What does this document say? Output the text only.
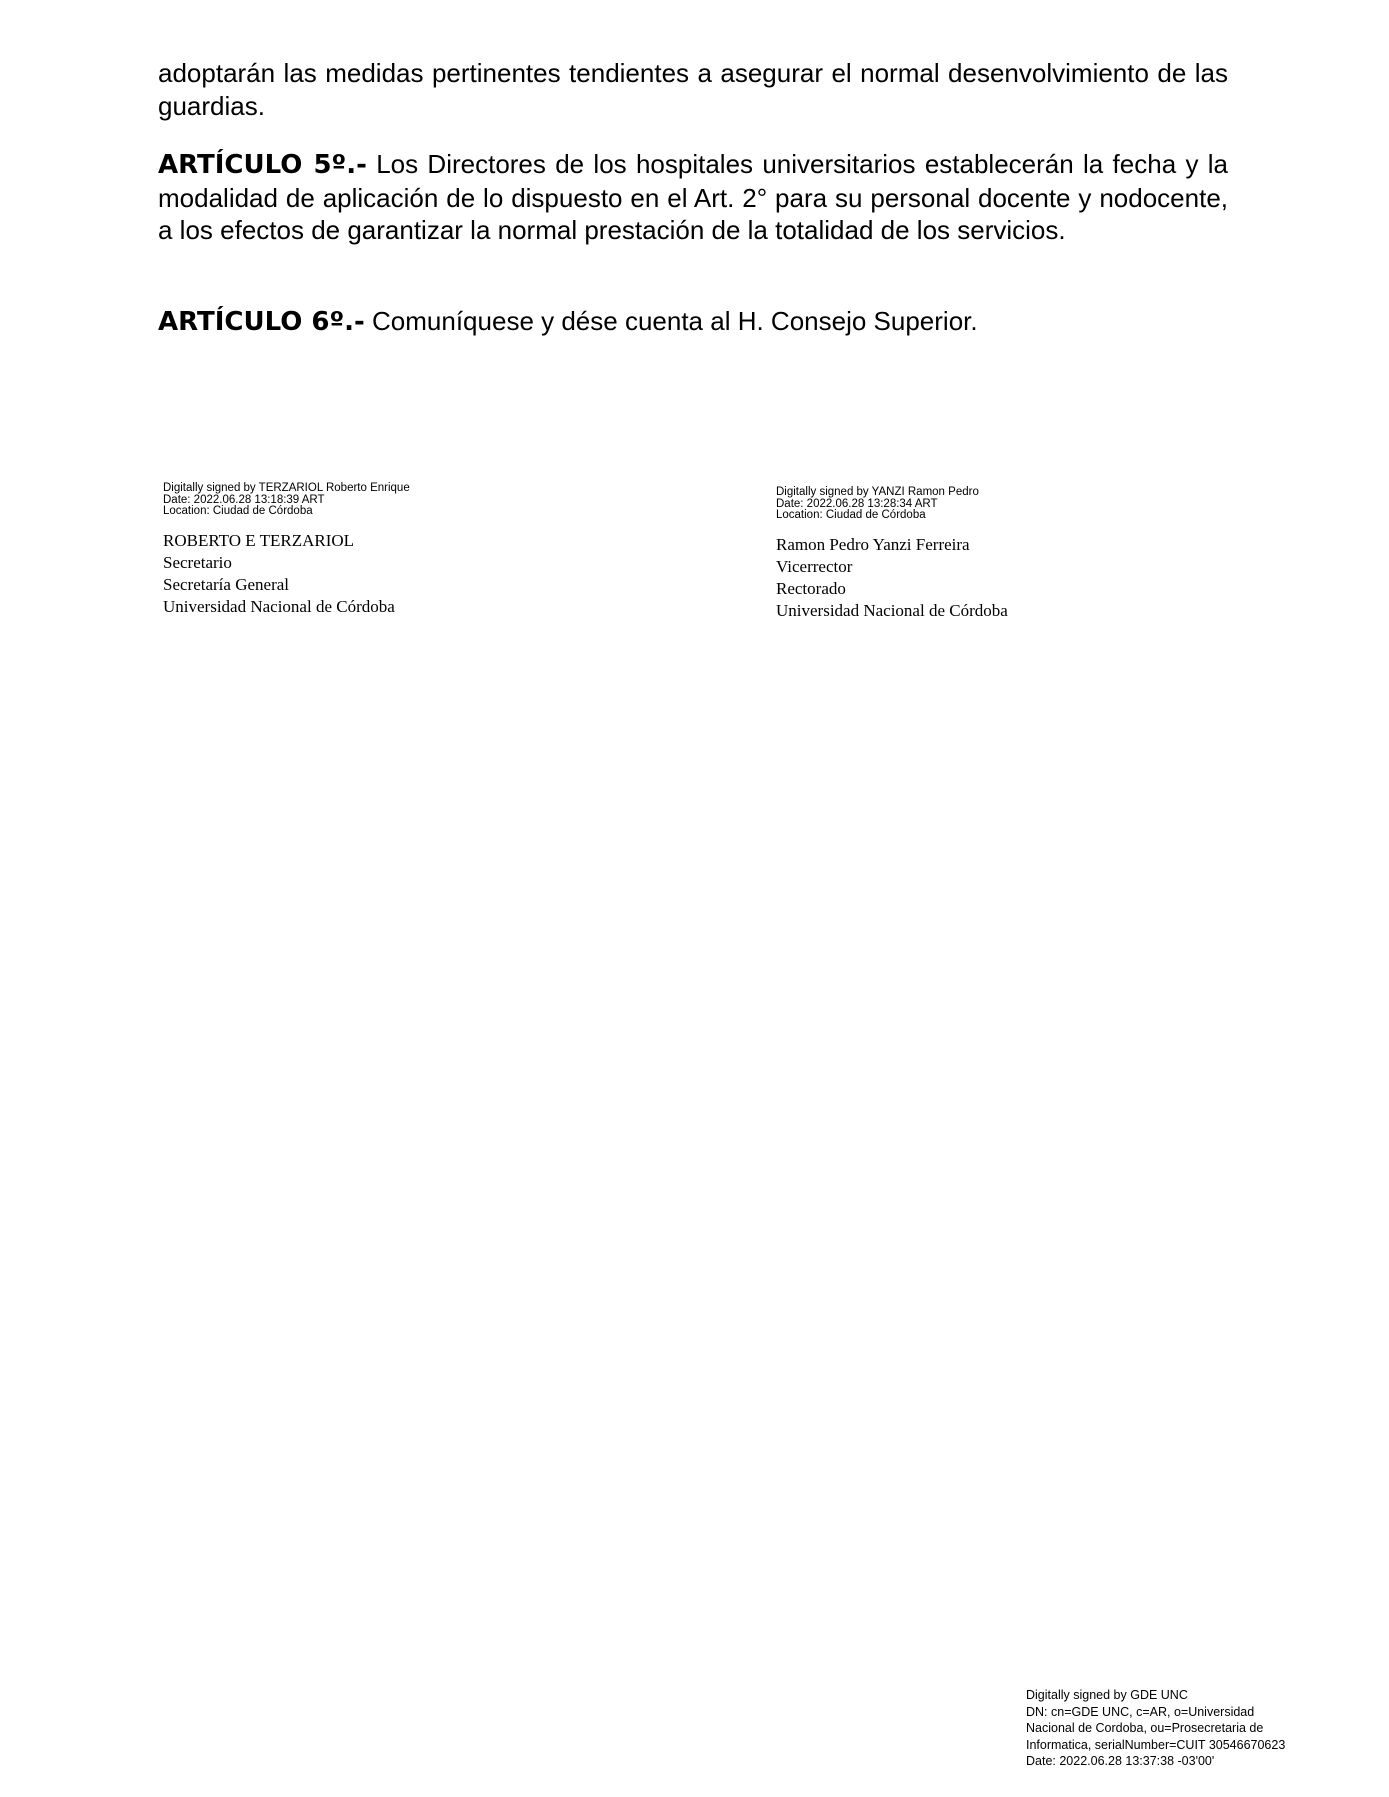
adoptarán las medidas pertinentes tendientes a asegurar el normal desenvolvimiento de las guardias.

ARTÍCULO 5º.- Los Directores de los hospitales universitarios establecerán la fecha y la modalidad de aplicación de lo dispuesto en el Art. 2° para su personal docente y nodocente, a los efectos de garantizar la normal prestación de la totalidad de los servicios.

ARTÍCULO 6º.- Comuníquese y dése cuenta al H. Consejo Superior.

Digitally signed by TERZARIOL Roberto Enrique
Date: 2022.06.28 13:18:39 ART
Location: Ciudad de Córdoba
ROBERTO E TERZARIOL
Secretario
Secretaría General
Universidad Nacional de Córdoba
Digitally signed by YANZI Ramon Pedro
Date: 2022.06.28 13:28:34 ART
Location: Ciudad de Córdoba
Ramon Pedro Yanzi Ferreira
Vicerrector
Rectorado
Universidad Nacional de Córdoba
Digitally signed by GDE UNC
DN: cn=GDE UNC, c=AR, o=Universidad
Nacional de Cordoba, ou=Prosecretaria de
Informatica, serialNumber=CUIT 30546670623
Date: 2022.06.28 13:37:38 -03'00'
